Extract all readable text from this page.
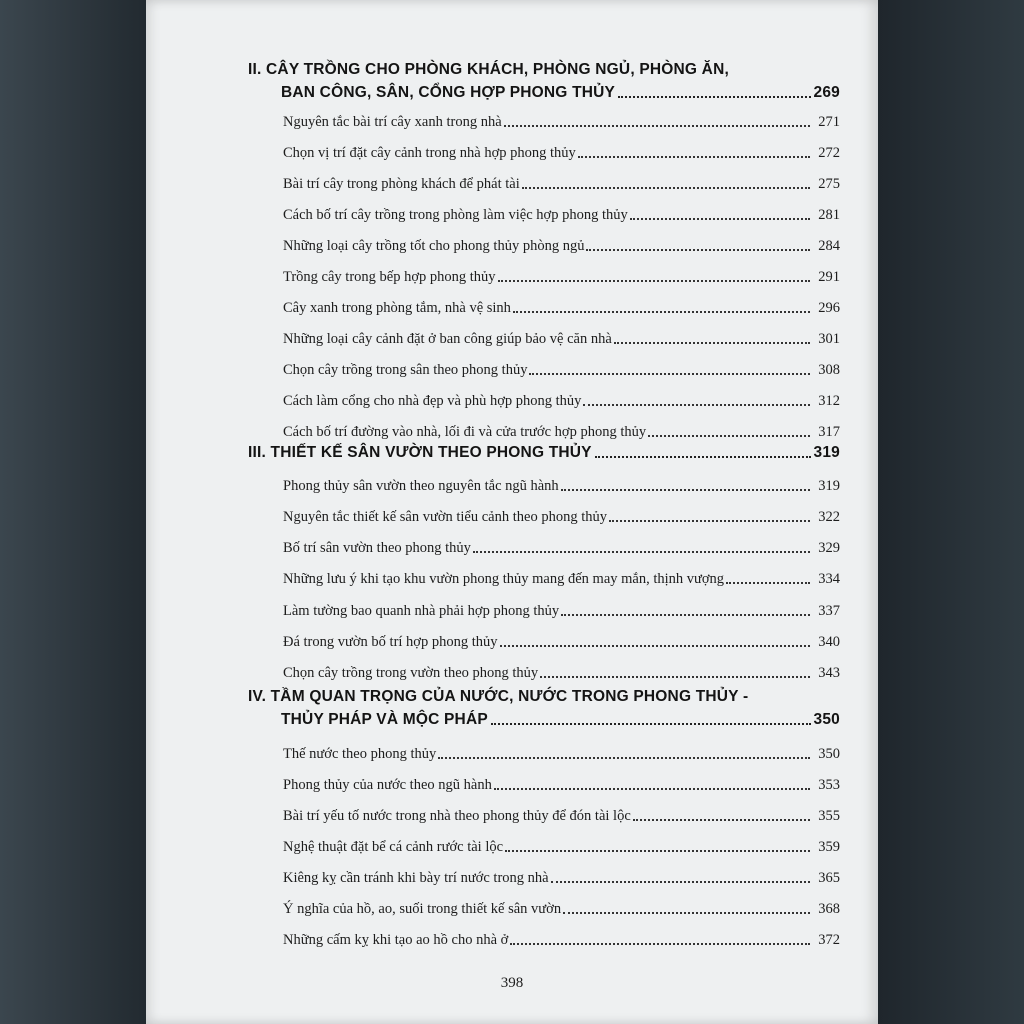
II. CÂY TRỒNG CHO PHÒNG KHÁCH, PHÒNG NGỦ, PHÒNG ĂN,
BAN CÔNG, SÂN, CỔNG HỢP PHONG THỦY	269
Nguyên tắc bài trí cây xanh trong nhà	271
Chọn vị trí đặt cây cảnh trong nhà hợp phong thủy	272
Bài trí cây trong phòng khách để phát tài	275
Cách bố trí cây trồng trong phòng làm việc hợp phong thủy	281
Những loại cây trồng tốt cho phong thủy phòng ngủ	284
Trồng cây trong bếp hợp phong thủy	291
Cây xanh trong phòng tắm, nhà vệ sinh	296
Những loại cây cảnh đặt ở ban công giúp bảo vệ căn nhà	301
Chọn cây trồng trong sân theo phong thủy	308
Cách làm cổng cho nhà đẹp và phù hợp phong thủy	312
Cách bố trí đường vào nhà, lối đi và cửa trước hợp phong thủy	317
III. THIẾT KẾ SÂN VƯỜN THEO PHONG THỦY	319
Phong thủy sân vườn theo nguyên tắc ngũ hành	319
Nguyên tắc thiết kế sân vườn tiểu cảnh theo phong thủy	322
Bố trí sân vườn theo phong thủy	329
Những lưu ý khi tạo khu vườn phong thủy mang đến may mắn, thịnh vượng	334
Làm tường bao quanh nhà phải hợp phong thủy	337
Đá trong vườn bố trí hợp phong thủy	340
Chọn cây trồng trong vườn theo phong thủy	343
IV. TẦM QUAN TRỌNG CỦA NƯỚC, NƯỚC TRONG PHONG THỦY -
THỦY PHÁP VÀ MỘC PHÁP	350
Thế nước theo phong thủy	350
Phong thủy của nước theo ngũ hành	353
Bài trí yếu tố nước trong nhà theo phong thủy để đón tài lộc	355
Nghệ thuật đặt bể cá cảnh rước tài lộc	359
Kiêng kỵ cần tránh khi bày trí nước trong nhà	365
Ý nghĩa của hồ, ao, suối trong thiết kế sân vườn	368
Những cấm kỵ khi tạo ao hồ cho nhà ở	372
398
